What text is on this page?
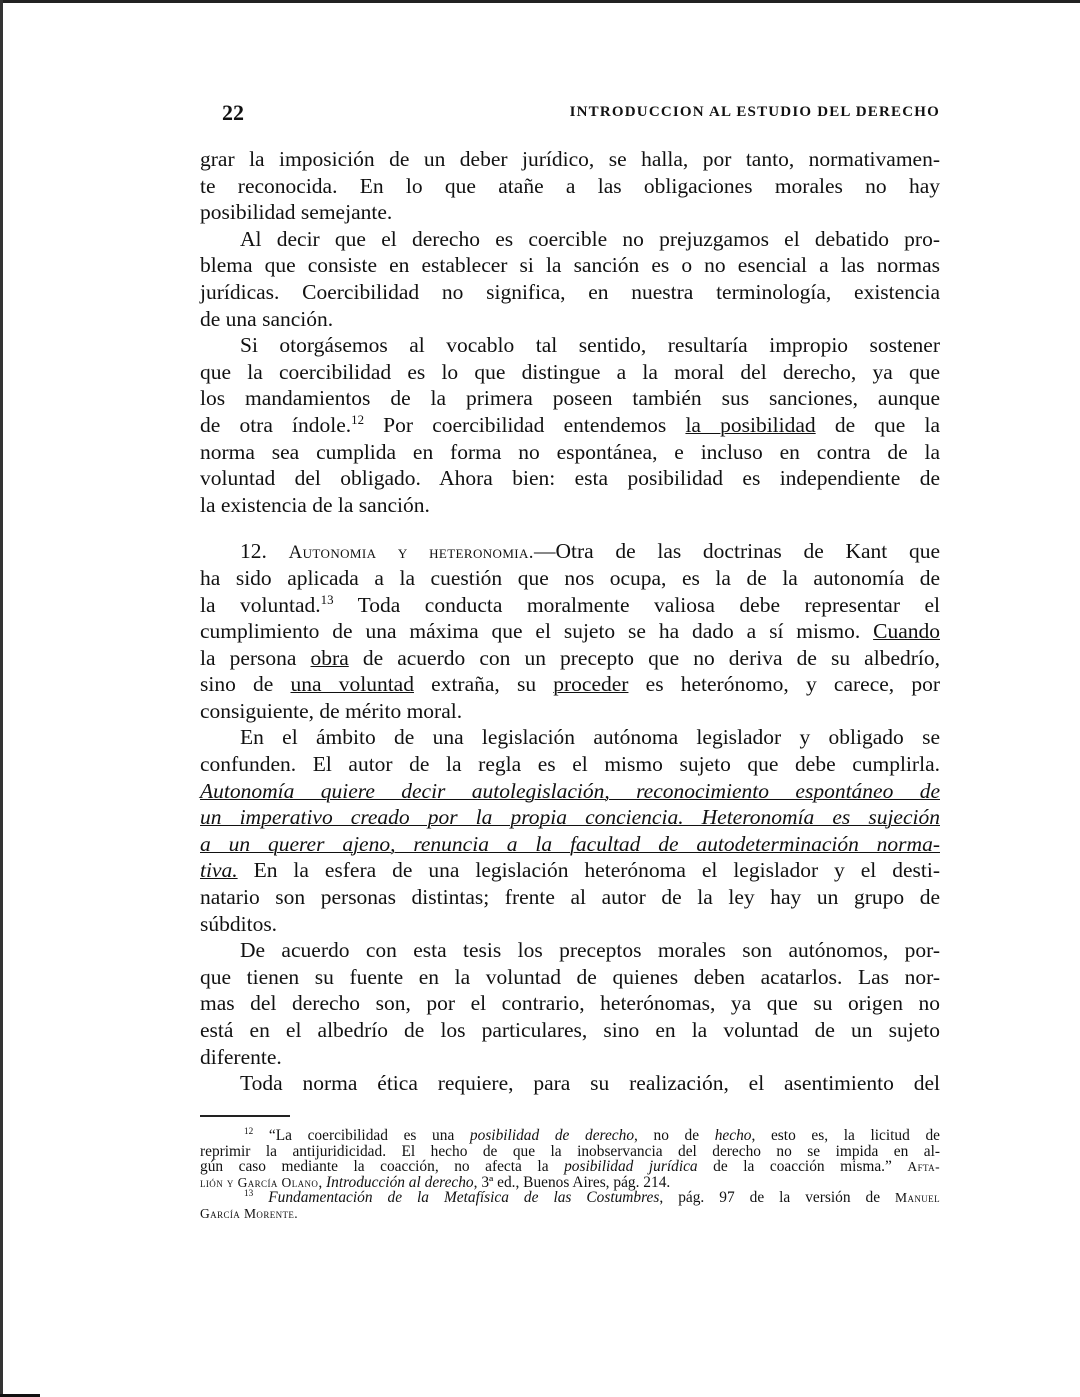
22	INTRODUCCION AL ESTUDIO DEL DERECHO
grar la imposición de un deber jurídico, se halla, por tanto, normativamen-
te reconocida. En lo que atañe a las obligaciones morales no hay
posibilidad semejante.
Al decir que el derecho es coercible no prejuzgamos el debatido pro-
blema que consiste en establecer si la sanción es o no esencial a las normas
jurídicas. Coercibilidad no significa, en nuestra terminología, existencia
de una sanción.
Si otorgásemos al vocablo tal sentido, resultaría impropio sostener
que la coercibilidad es lo que distingue a la moral del derecho, ya que
los mandamientos de la primera poseen también sus sanciones, aunque
de otra índole.$^{12}$ Por coercibilidad entendemos la posibilidad de que la
norma sea cumplida en forma no espontánea, e incluso en contra de la
voluntad del obligado. Ahora bien: esta posibilidad es independiente de
la existencia de la sanción.
12. Autonomia y heteronomia.—Otra de las doctrinas de Kant que
ha sido aplicada a la cuestión que nos ocupa, es la de la autonomía de
la voluntad.$^{13}$ Toda conducta moralmente valiosa debe representar el
cumplimiento de una máxima que el sujeto se ha dado a sí mismo. Cuando
la persona obra de acuerdo con un precepto que no deriva de su albedrío,
sino de una voluntad extraña, su proceder es heterónomo, y carece, por
consiguiente, de mérito moral.
En el ámbito de una legislación autónoma legislador y obligado se
confunden. El autor de la regla es el mismo sujeto que debe cumplirla.
Autonomía quiere decir autolegislación, reconocimiento espontáneo de
un imperativo creado por la propia conciencia. Heteronomía es sujeción
a un querer ajeno, renuncia a la facultad de autodeterminación norma-
tiva. En la esfera de una legislación heterónoma el legislador y el desti-
natario son personas distintas; frente al autor de la ley hay un grupo de
súbditos.
De acuerdo con esta tesis los preceptos morales son autónomos, por-
que tienen su fuente en la voluntad de quienes deben acatarlos. Las nor-
mas del derecho son, por el contrario, heterónomas, ya que su origen no
está en el albedrío de los particulares, sino en la voluntad de un sujeto
diferente.
Toda norma ética requiere, para su realización, el asentimiento del
$^{12}$ “La coercibilidad es una posibilidad de derecho, no de hecho, esto es, la licitud de
reprimir la antijuridicidad. El hecho de que la inobservancia del derecho no se impida en al-
gún caso mediante la coacción, no afecta la posibilidad jurídica de la coacción misma.” Afta-
lión y García Olano, Introducción al derecho, 3ª ed., Buenos Aires, pág. 214.
$^{13}$ Fundamentación de la Metafísica de las Costumbres, pág. 97 de la versión de Manuel
García Morente.
